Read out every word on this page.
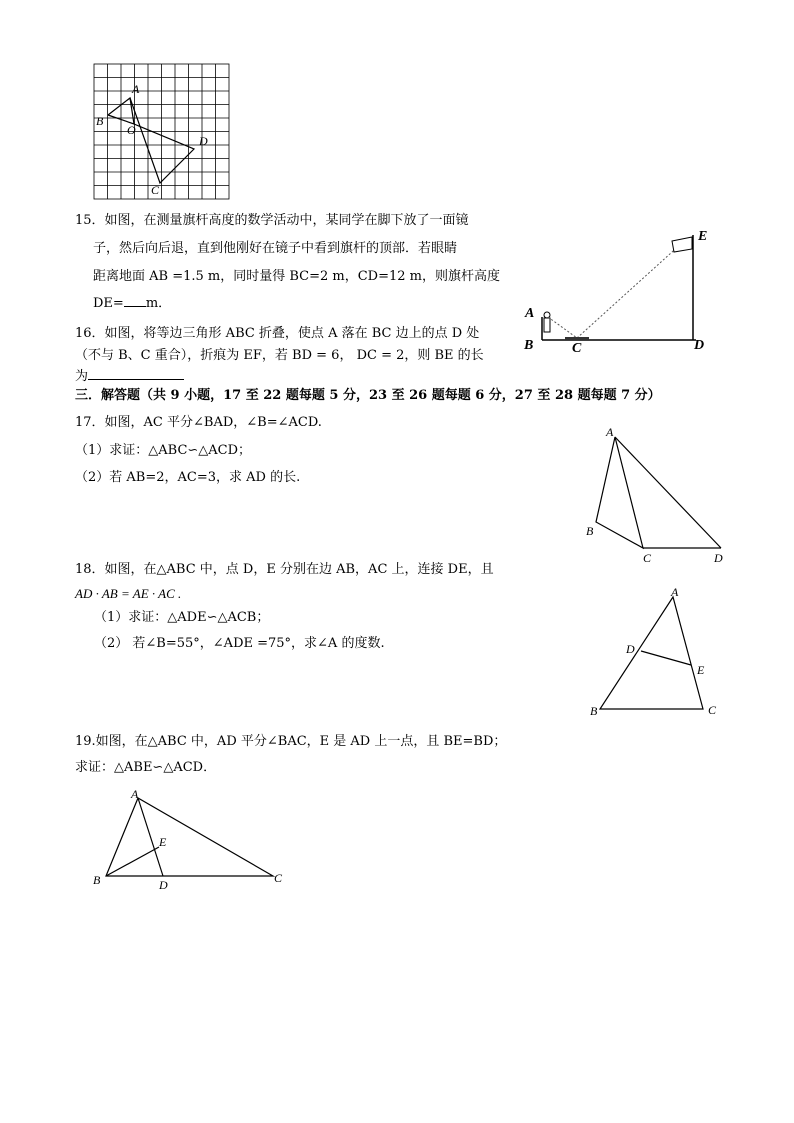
A
B
O
D
C
15．如图，在测量旗杆高度的数学活动中，某同学在脚下放了一面镜
子，然后向后退，直到他刚好在镜子中看到旗杆的顶部．若眼睛
距离地面 AB =1.5 m，同时量得 BC=2 m，CD=12 m，则旗杆高度
DE= m．
E
A
B	C	D
16．如图，将等边三角形 ABC 折叠，使点 A 落在 BC 边上的点 D 处
（不与 B、C 重合），折痕为 EF，若 BD = 6， DC = 2，则 BE 的长
为
三．解答题（共 9 小题，17 至 22 题每题 5 分，23 至 26 题每题 6 分，27 至 28 题每题 7 分）
17．如图，AC 平分∠BAD，∠B=∠ACD.
（1）求证：△ABC∽△ACD；
（2）若 AB=2，AC=3，求 AD 的长.
A
B
C	D
18．如图，在△ABC 中，点 D，E 分别在边 AB，AC 上，连接 DE，且
AD · AB = AE · AC .
（1）求证：△ADE∽△ACB；
（2） 若∠B=55°，∠ADE =75°，求∠A 的度数.
A
D
E
B	C
19.如图，在△ABC 中，AD 平分∠BAC，E 是 AD 上一点，且 BE=BD；
求证：△ABE∽△ACD．
A
E
B	D	C
